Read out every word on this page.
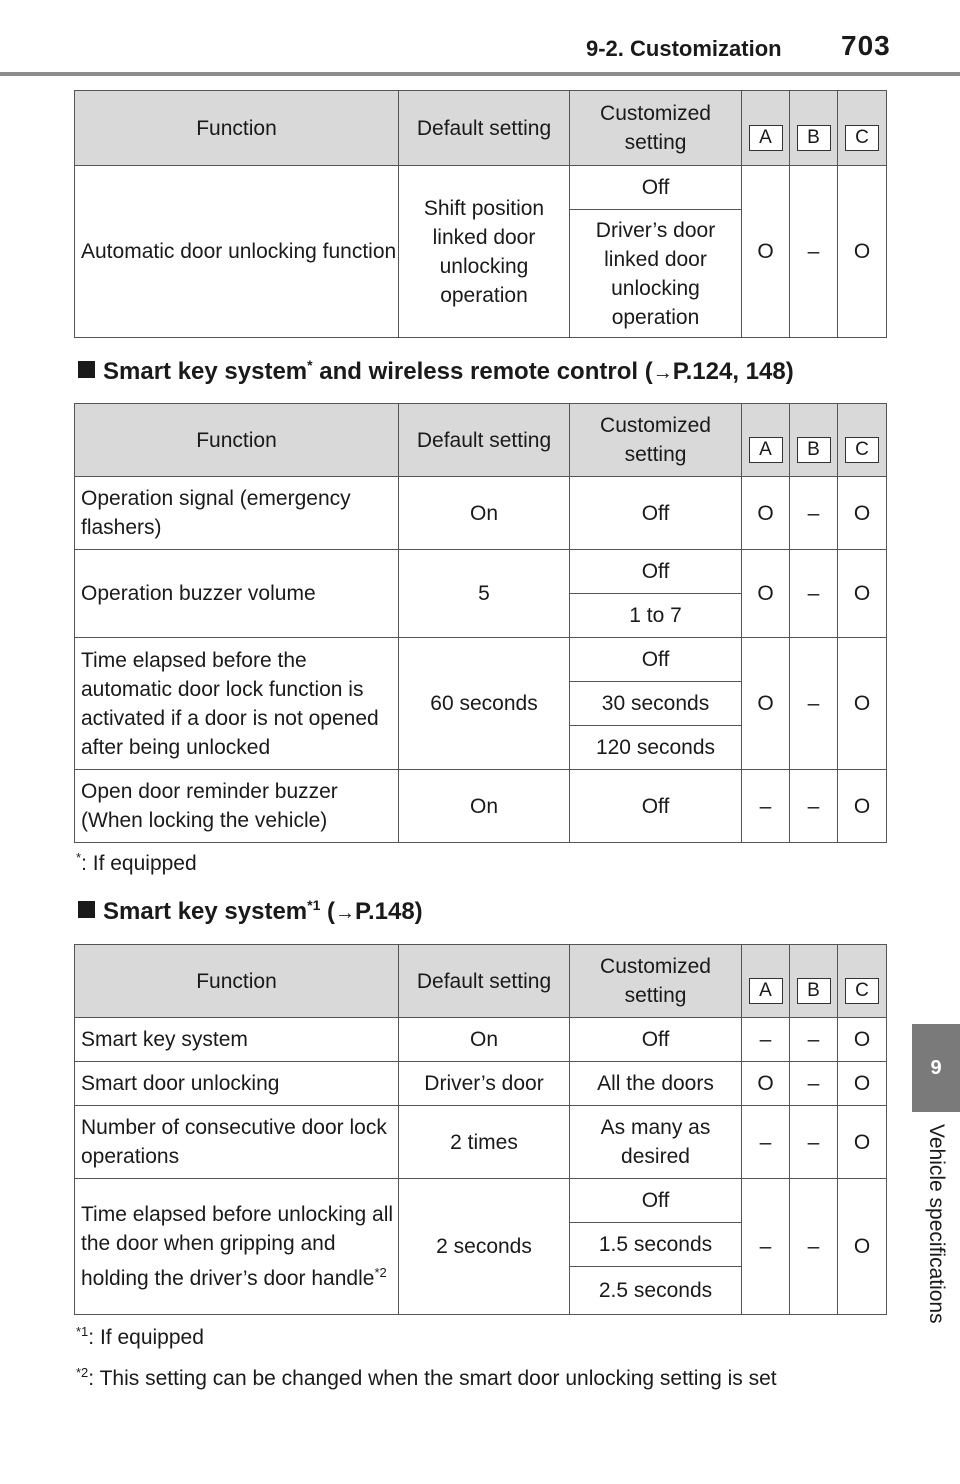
9-2. Customization 703
9
Vehicle specifications
Function	Default setting	Customized setting	A	B	C
Automatic door unlocking function	Shift position linked door unlocking operation	Off	O	–	O
		Driver’s door linked door unlocking operation			
Smart key system* and wireless remote control (→P.124, 148)
Function	Default setting	Customized setting	A	B	C
Operation signal (emergency flashers)	On	Off	O	–	O
Operation buzzer volume	5	Off	O	–	O
		1 to 7			
Time elapsed before the automatic door lock function is activated if a door is not opened after being unlocked	60 seconds	Off	O	–	O
		30 seconds			
		120 seconds			
Open door reminder buzzer (When locking the vehicle)	On	Off	–	–	O
*: If equipped
Smart key system$^{*1}$ (→P.148)
Function	Default setting	Customized setting	A	B	C
Smart key system	On	Off	–	–	O
Smart door unlocking	Driver’s door	All the doors	O	–	O
Number of consecutive door lock operations	2 times	As many as desired	–	–	O
Time elapsed before unlocking all the door when gripping and holding the driver’s door handle$^{*2}$	2 seconds	Off	–	–	O
		1.5 seconds			
		2.5 seconds			
$^{*1}$: If equipped
$^{*2}$: This setting can be changed when the smart door unlocking setting is set
